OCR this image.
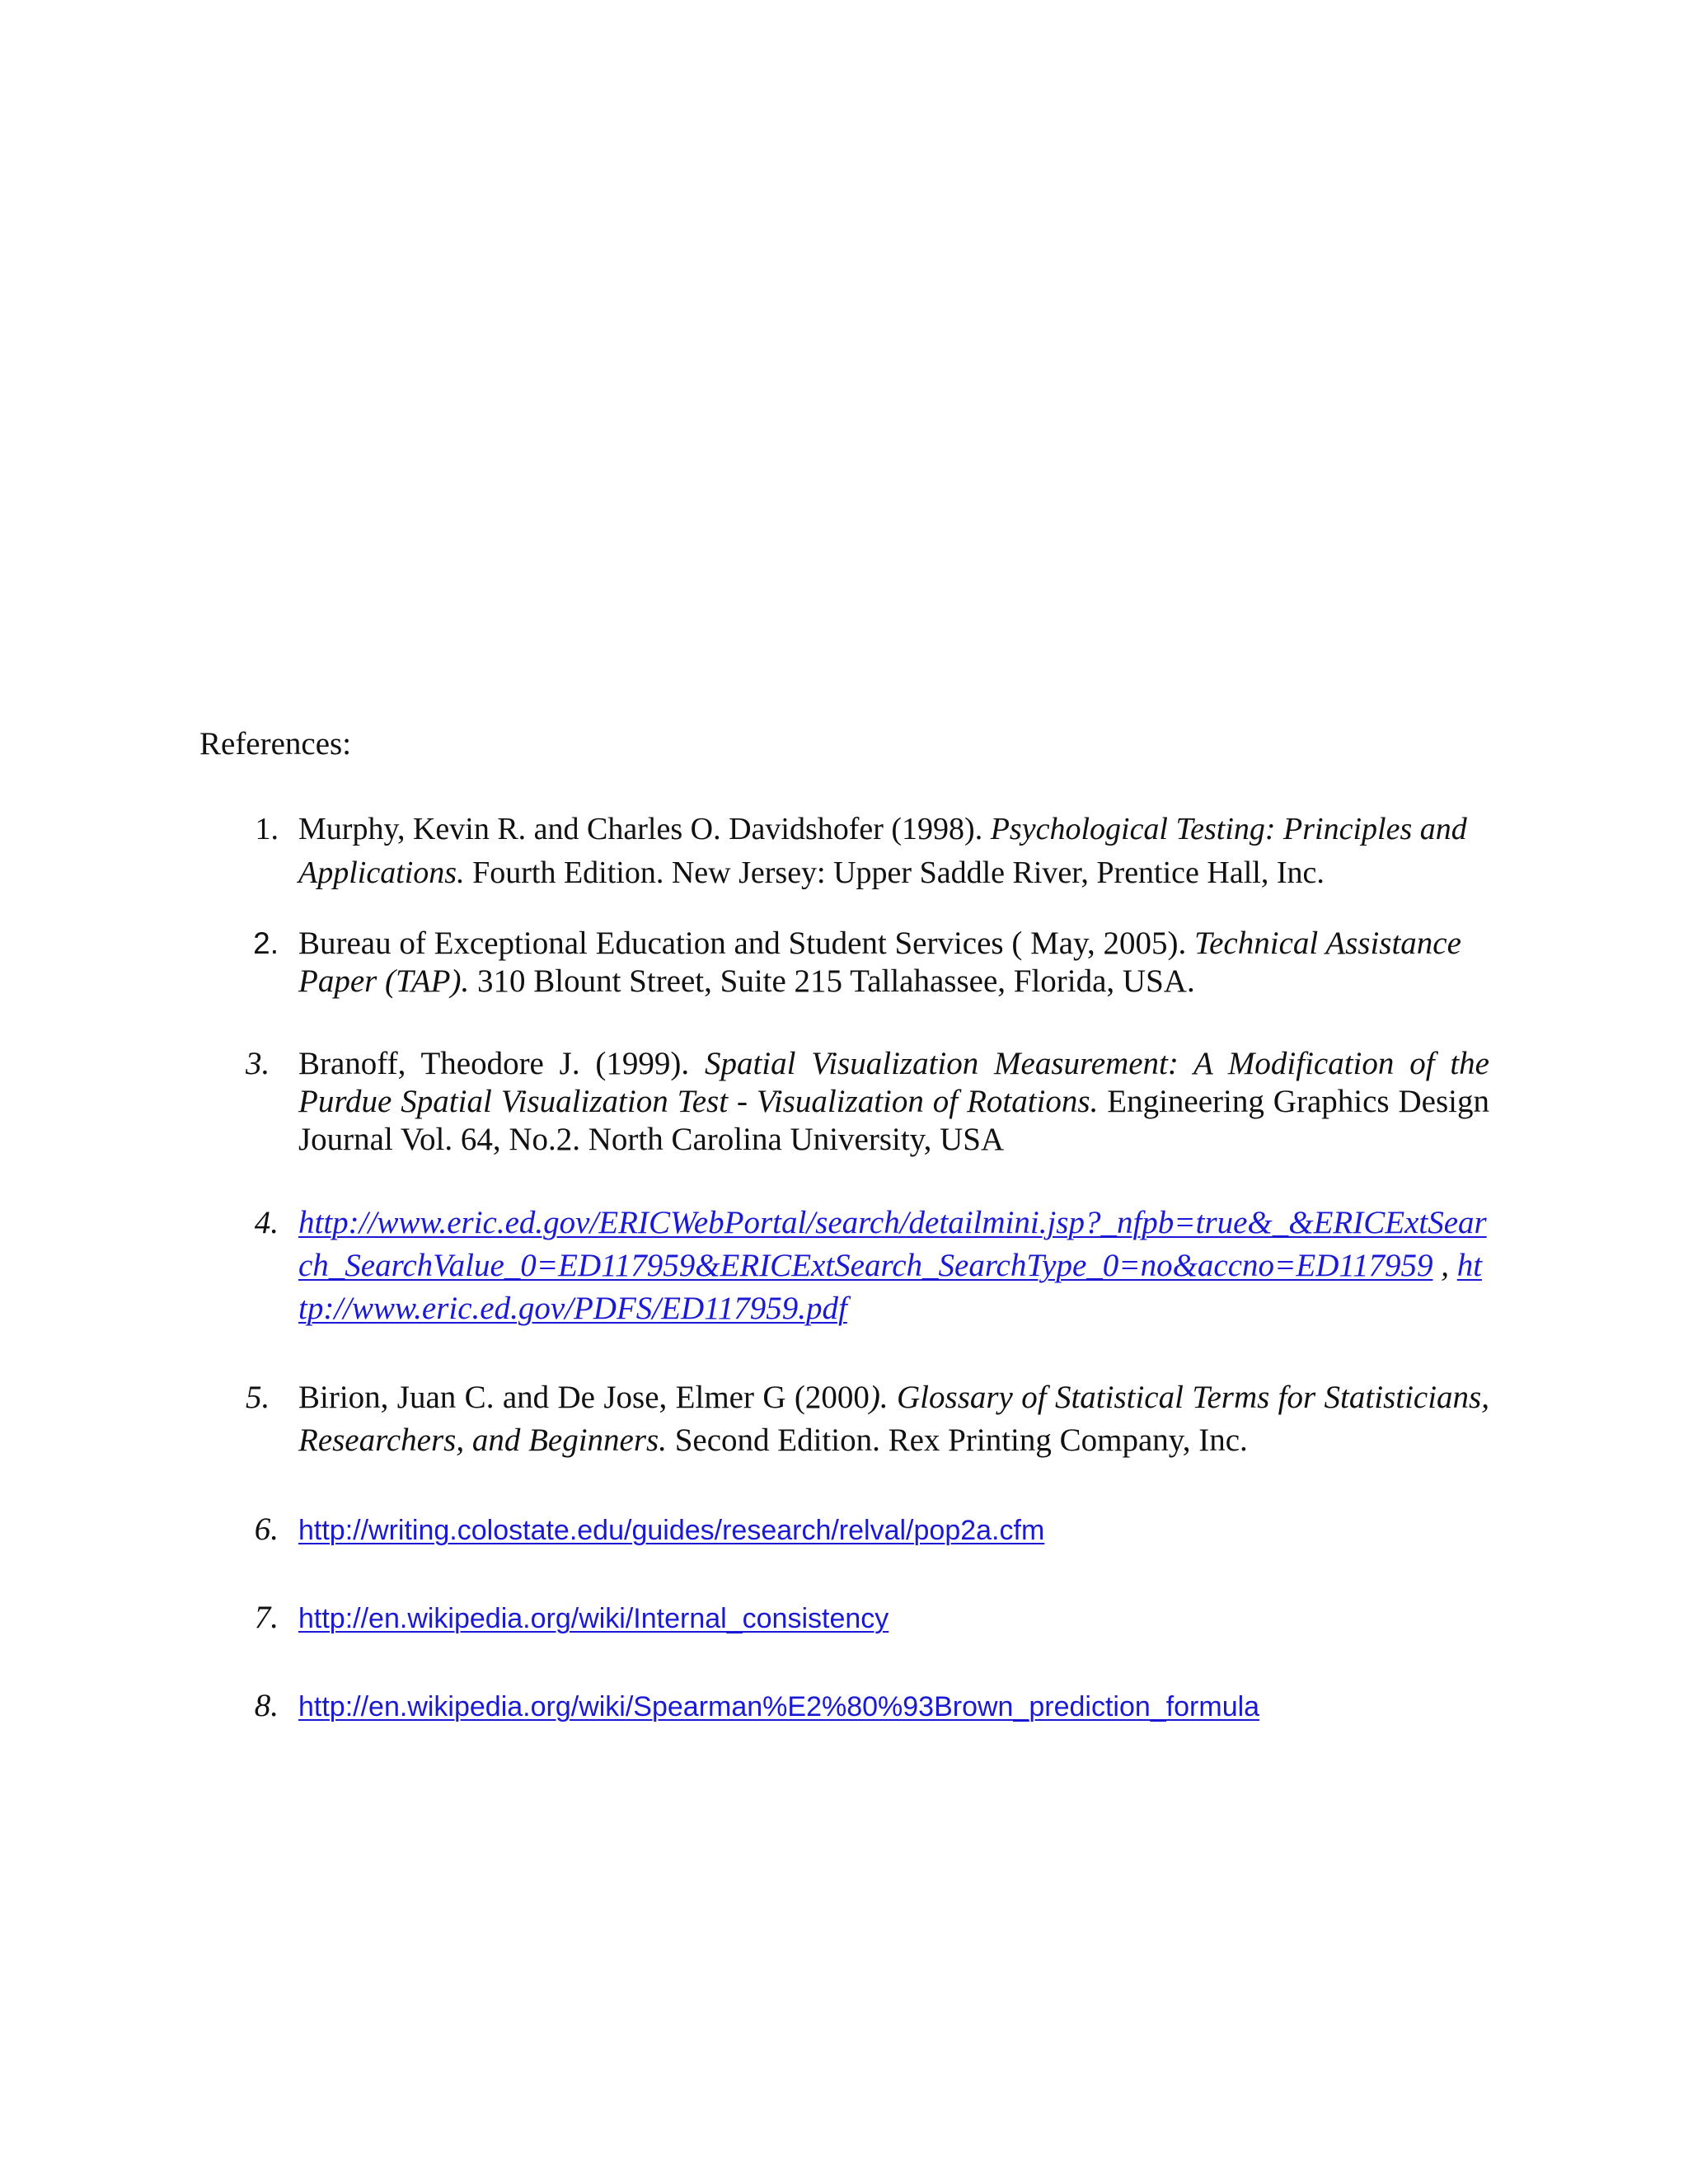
References:
1. Murphy, Kevin R. and Charles O. Davidshofer (1998). Psychological Testing: Principles and Applications. Fourth Edition. New Jersey: Upper Saddle River, Prentice Hall, Inc.
2. Bureau of Exceptional Education and Student Services ( May, 2005). Technical Assistance Paper (TAP). 310 Blount Street, Suite 215 Tallahassee, Florida, USA.
3. Branoff, Theodore J. (1999). Spatial Visualization Measurement: A Modification of the Purdue Spatial Visualization Test - Visualization of Rotations. Engineering Graphics Design Journal Vol. 64, No.2. North Carolina University, USA
4. http://www.eric.ed.gov/ERICWebPortal/search/detailmini.jsp?_nfpb=true&_&ERICExtSearch_SearchValue_0=ED117959&ERICExtSearch_SearchType_0=no&accno=ED117959 , http://www.eric.ed.gov/PDFS/ED117959.pdf
5. Birion, Juan C. and De Jose, Elmer G (2000). Glossary of Statistical Terms for Statisticians, Researchers, and Beginners. Second Edition. Rex Printing Company, Inc.
6. http://writing.colostate.edu/guides/research/relval/pop2a.cfm
7. http://en.wikipedia.org/wiki/Internal_consistency
8. http://en.wikipedia.org/wiki/Spearman%E2%80%93Brown_prediction_formula
